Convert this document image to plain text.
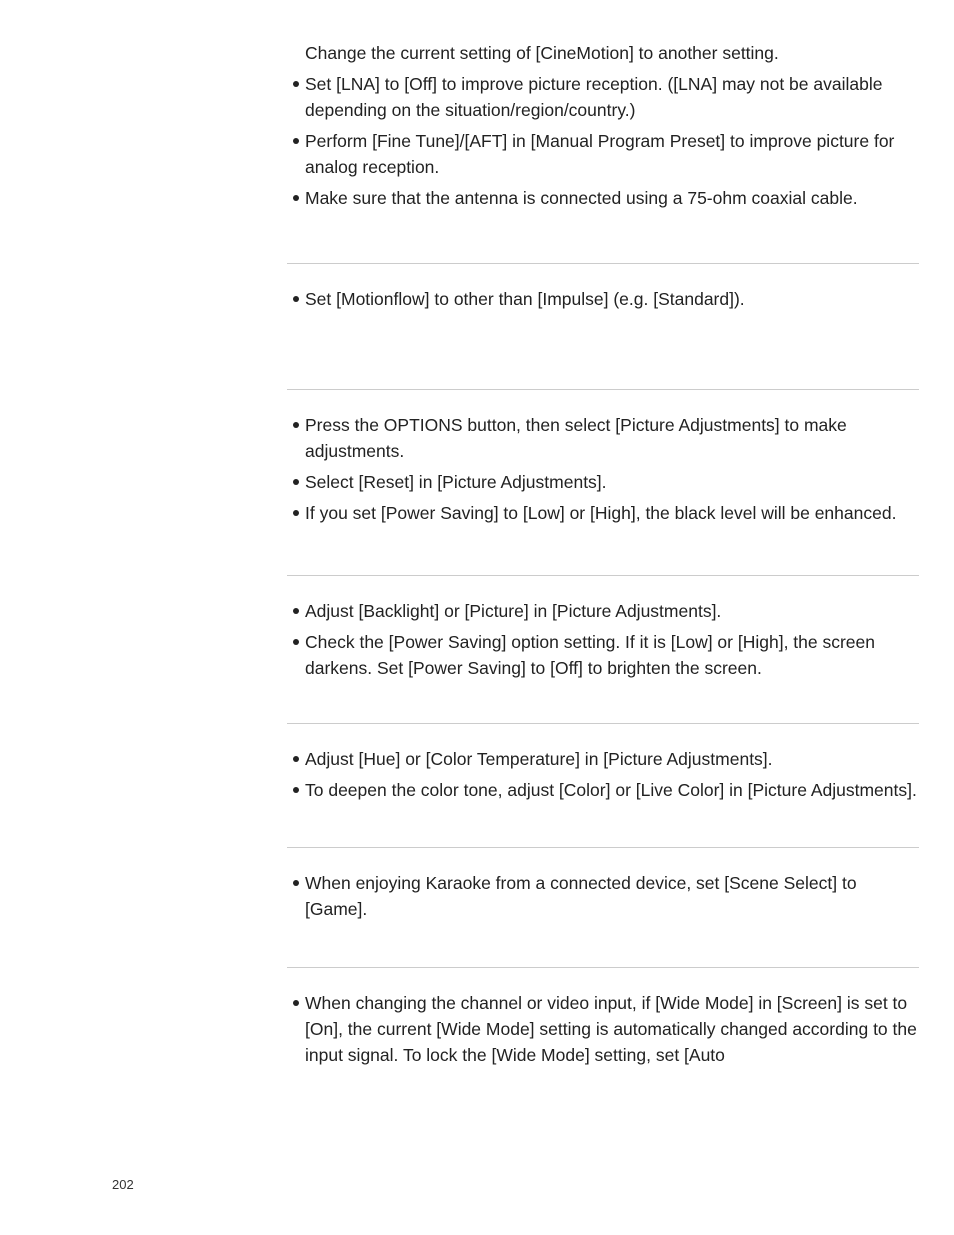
Change the current setting of [CineMotion] to another setting.

Set [LNA] to [Off] to improve picture reception. ([LNA] may not be available depending on the situation/region/country.)
Perform [Fine Tune]/[AFT] in [Manual Program Preset] to improve picture for analog reception.
Make sure that the antenna is connected using a 75-ohm coaxial cable.
Set [Motionflow] to other than [Impulse] (e.g. [Standard]).
Press the OPTIONS button, then select [Picture Adjustments] to make adjustments.
Select [Reset] in [Picture Adjustments].
If you set [Power Saving] to [Low] or [High], the black level will be enhanced.
Adjust [Backlight] or [Picture] in [Picture Adjustments].
Check the [Power Saving] option setting. If it is [Low] or [High], the screen darkens. Set [Power Saving] to [Off] to brighten the screen.
Adjust [Hue] or [Color Temperature] in [Picture Adjustments].
To deepen the color tone, adjust [Color] or [Live Color] in [Picture Adjustments].
When enjoying Karaoke from a connected device, set [Scene Select] to [Game].
When changing the channel or video input, if [Wide Mode] in [Screen] is set to [On], the current [Wide Mode] setting is automatically changed according to the input signal. To lock the [Wide Mode] setting, set [Auto
202
